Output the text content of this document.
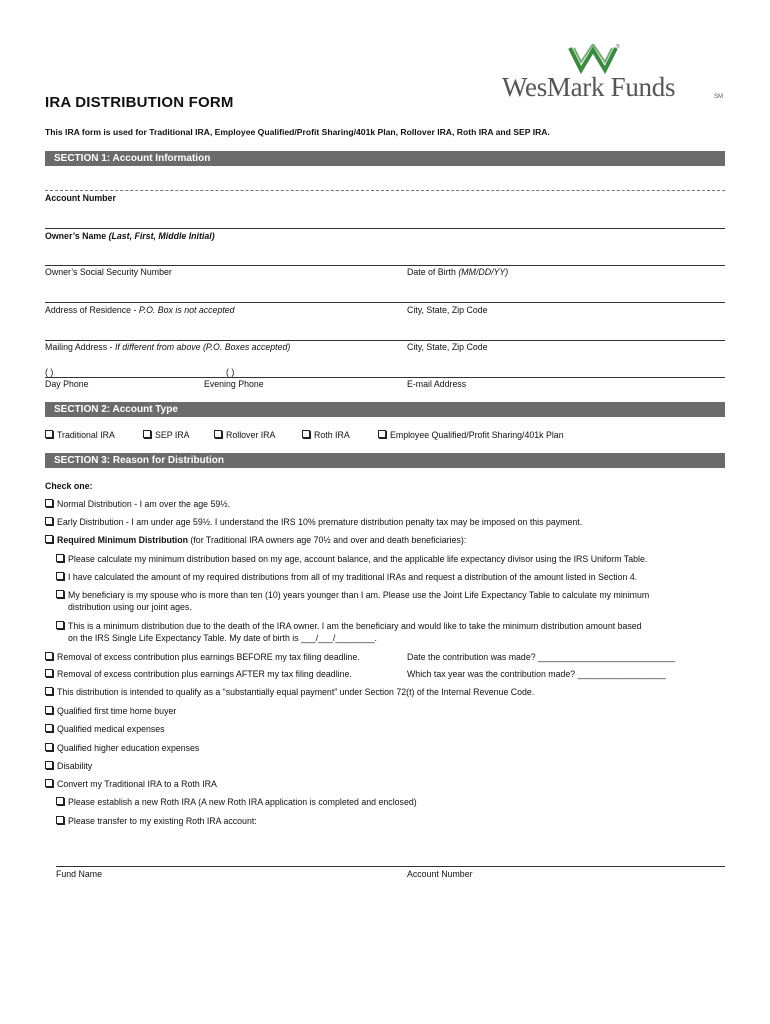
IRA DISTRIBUTION FORM
This IRA form is used for Traditional IRA, Employee Qualified/Profit Sharing/401k Plan, Rollover IRA, Roth IRA and SEP IRA.
®
WesMark Funds	SM
SECTION 1: Account Information
Account Number
Owner’s Name (Last, First, Middle Initial)
Owner’s Social Security Number	Date of Birth (MM/DD/YY)
Address of Residence - P.O. Box is not accepted	City, State, Zip Code
Mailing Address - If different from above (P.O. Boxes accepted)	City, State, Zip Code
( )	( )
Day Phone	Evening Phone	E-mail Address
SECTION 2: Account Type
Traditional IRA	SEP IRA	Rollover IRA	Roth IRA	Employee Qualified/Profit Sharing/401k Plan
SECTION 3: Reason for Distribution
Check one:
Normal Distribution - I am over the age 59½.
Early Distribution - I am under age 59½. I understand the IRS 10% premature distribution penalty tax may be imposed on this payment.
Required Minimum Distribution (for Traditional IRA owners age 70½ and over and death beneficiaries):
Please calculate my minimum distribution based on my age, account balance, and the applicable life expectancy divisor using the IRS Uniform Table.
I have calculated the amount of my required distributions from all of my traditional IRAs and request a distribution of the amount listed in Section 4.
My beneficiary is my spouse who is more than ten (10) years younger than I am. Please use the Joint Life Expectancy Table to calculate my minimum
distribution using our joint ages.
This is a minimum distribution due to the death of the IRA owner. I am the beneficiary and would like to take the minimum distribution amount based
on the IRS Single Life Expectancy Table. My date of birth is ___/___/________.
Removal of excess contribution plus earnings BEFORE my tax filing deadline.	Date the contribution was made? ____________________________
Removal of excess contribution plus earnings AFTER my tax filing deadline.	Which tax year was the contribution made? __________________
This distribution is intended to qualify as a “substantially equal payment” under Section 72(t) of the Internal Revenue Code.
Qualified first time home buyer
Qualified medical expenses
Qualified higher education expenses
Disability
Convert my Traditional IRA to a Roth IRA
Please establish a new Roth IRA (A new Roth IRA application is completed and enclosed)
Please transfer to my existing Roth IRA account:
Fund Name	Account Number
